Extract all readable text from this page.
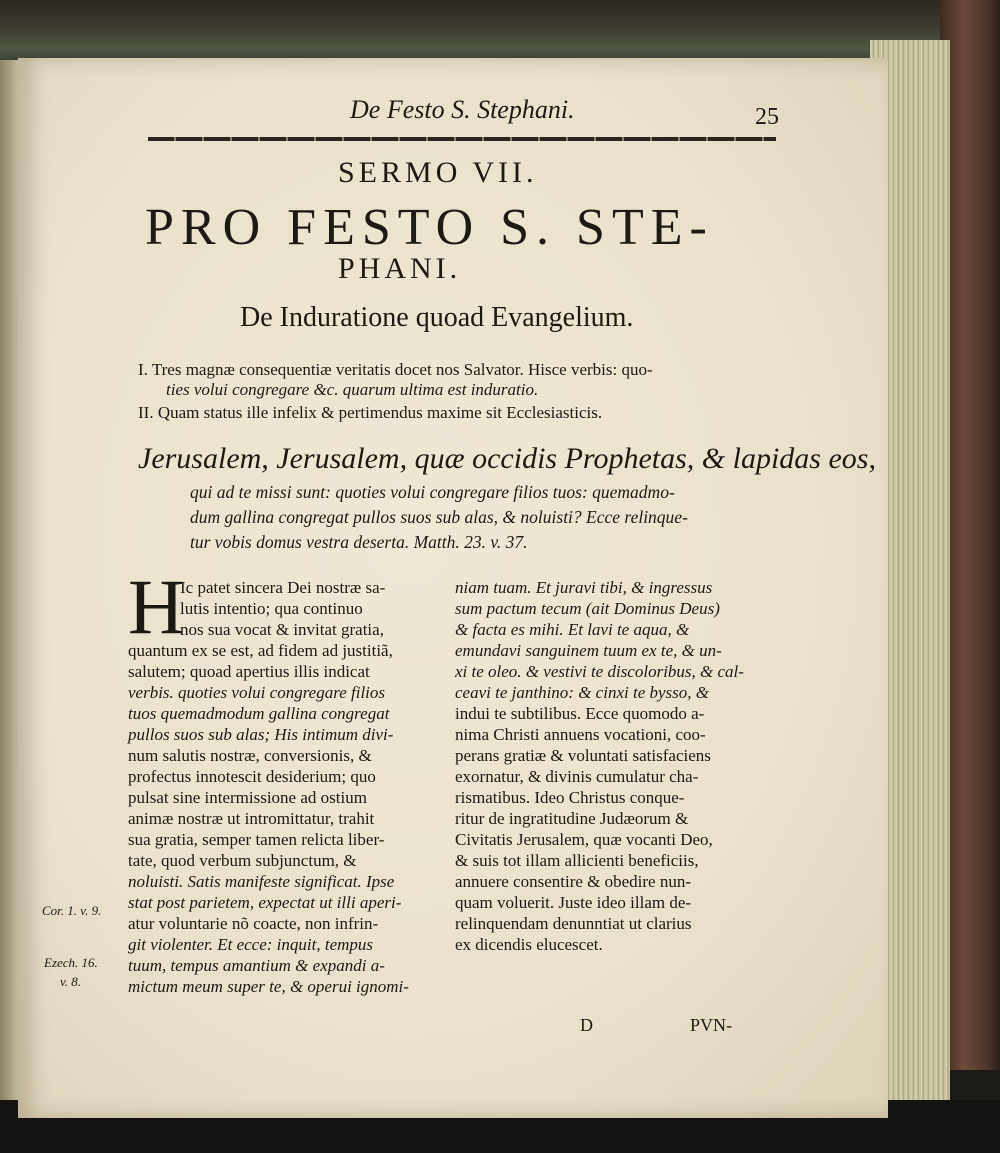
De Festo S. Stephani.	25
SERMO VII.
PRO FESTO S. STE-
PHANI.
De Induratione quoad Evangelium.
I. Tres magnæ consequentiæ veritatis docet nos Salvator. Hisce verbis: quo-
ties volui congregare &c. quarum ultima est induratio.
II. Quam status ille infelix & pertimendus maxime sit Ecclesiasticis.
Jerusalem, Jerusalem, quæ occidis Prophetas, & lapidas eos,
qui ad te missi sunt: quoties volui congregare filios tuos: quemadmo-
dum gallina congregat pullos suos sub alas, & noluisti? Ecce relinque-
tur vobis domus vestra deserta. Matth. 23. v. 37.
H
Ic patet sincera Dei nostræ sa-
lutis intentio; qua continuo
nos sua vocat & invitat gratia,
quantum ex se est, ad fidem ad justitiã,
salutem; quoad apertius illis indicat
verbis. quoties volui congregare filios
tuos quemadmodum gallina congregat
pullos suos sub alas; His intimum divi-
num salutis nostræ, conversionis, &
profectus innotescit desiderium; quo
pulsat sine intermissione ad ostium
animæ nostræ ut intromittatur, trahit
sua gratia, semper tamen relicta liber-
tate, quod verbum subjunctum, &
noluisti. Satis manifeste significat. Ipse
stat post parietem, expectat ut illi aperi-
atur voluntarie nõ coacte, non infrin-
git violenter. Et ecce: inquit, tempus
tuum, tempus amantium & expandi a-
mictum meum super te, & operui ignomi-
niam tuam. Et juravi tibi, & ingressus
sum pactum tecum (ait Dominus Deus)
& facta es mihi. Et lavi te aqua, &
emundavi sanguinem tuum ex te, & un-
xi te oleo. & vestivi te discoloribus, & cal-
ceavi te janthino: & cinxi te bysso, &
indui te subtilibus. Ecce quomodo a-
nima Christi annuens vocationi, coo-
perans gratiæ & voluntati satisfaciens
exornatur, & divinis cumulatur cha-
rismatibus. Ideo Christus conque-
ritur de ingratitudine Judæorum &
Civitatis Jerusalem, quæ vocanti Deo,
& suis tot illam allicienti beneficiis,
annuere consentire & obedire nun-
quam voluerit. Juste ideo illam de-
relinquendam denunntiat ut clarius
ex dicendis elucescet.
Cor. 1. v. 9.
Ezech. 16.
v. 8.
D	PVN-
